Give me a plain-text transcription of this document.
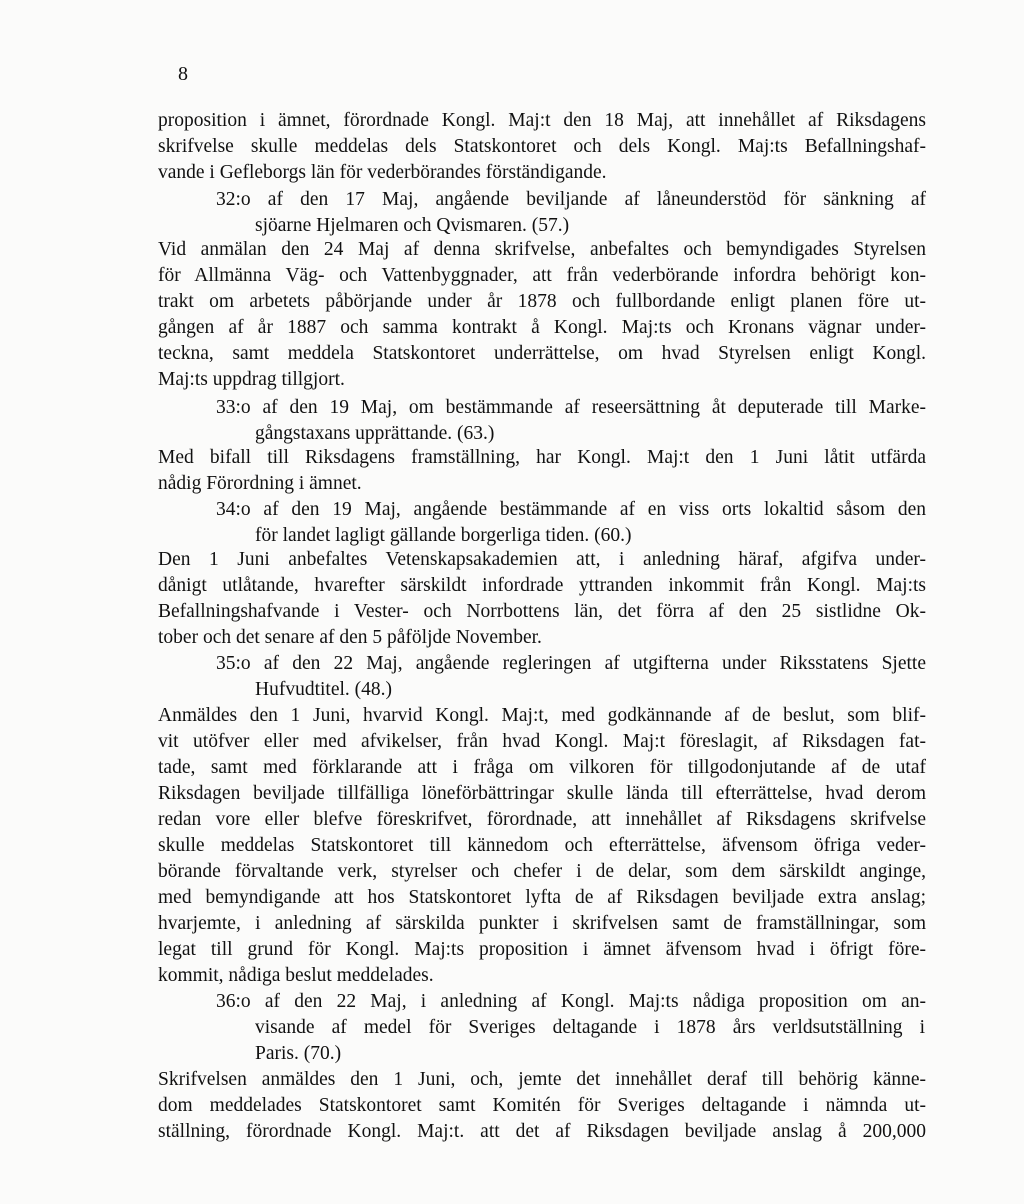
8
proposition i ämnet, förordnade Kongl. Maj:t den 18 Maj, att innehållet af Riksdagens
skrifvelse skulle meddelas dels Statskontoret och dels Kongl. Maj:ts Befallningshaf-
vande i Gefleborgs län för vederbörandes förständigande.
32:o af den 17 Maj, angående beviljande af låneunderstöd för sänkning af
sjöarne Hjelmaren och Qvismaren. (57.)
Vid anmälan den 24 Maj af denna skrifvelse, anbefaltes och bemyndigades Styrelsen
för Allmänna Väg- och Vattenbyggnader, att från vederbörande infordra behörigt kon-
trakt om arbetets påbörjande under år 1878 och fullbordande enligt planen före ut-
gången af år 1887 och samma kontrakt å Kongl. Maj:ts och Kronans vägnar under-
teckna, samt meddela Statskontoret underrättelse, om hvad Styrelsen enligt Kongl.
Maj:ts uppdrag tillgjort.
33:o af den 19 Maj, om bestämmande af reseersättning åt deputerade till Marke-
gångstaxans upprättande. (63.)
Med bifall till Riksdagens framställning, har Kongl. Maj:t den 1 Juni låtit utfärda
nådig Förordning i ämnet.
34:o af den 19 Maj, angående bestämmande af en viss orts lokaltid såsom den
för landet lagligt gällande borgerliga tiden. (60.)
Den 1 Juni anbefaltes Vetenskapsakademien att, i anledning häraf, afgifva under-
dånigt utlåtande, hvarefter särskildt infordrade yttranden inkommit från Kongl. Maj:ts
Befallningshafvande i Vester- och Norrbottens län, det förra af den 25 sistlidne Ok-
tober och det senare af den 5 påföljde November.
35:o af den 22 Maj, angående regleringen af utgifterna under Riksstatens Sjette
Hufvudtitel. (48.)
Anmäldes den 1 Juni, hvarvid Kongl. Maj:t, med godkännande af de beslut, som blif-
vit utöfver eller med afvikelser, från hvad Kongl. Maj:t föreslagit, af Riksdagen fat-
tade, samt med förklarande att i fråga om vilkoren för tillgodonjutande af de utaf
Riksdagen beviljade tillfälliga löneförbättringar skulle lända till efterrättelse, hvad derom
redan vore eller blefve föreskrifvet, förordnade, att innehållet af Riksdagens skrifvelse
skulle meddelas Statskontoret till kännedom och efterrättelse, äfvensom öfriga veder-
börande förvaltande verk, styrelser och chefer i de delar, som dem särskildt anginge,
med bemyndigande att hos Statskontoret lyfta de af Riksdagen beviljade extra anslag;
hvarjemte, i anledning af särskilda punkter i skrifvelsen samt de framställningar, som
legat till grund för Kongl. Maj:ts proposition i ämnet äfvensom hvad i öfrigt före-
kommit, nådiga beslut meddelades.
36:o af den 22 Maj, i anledning af Kongl. Maj:ts nådiga proposition om an-
visande af medel för Sveriges deltagande i 1878 års verldsutställning i
Paris. (70.)
Skrifvelsen anmäldes den 1 Juni, och, jemte det innehållet deraf till behörig känne-
dom meddelades Statskontoret samt Komitén för Sveriges deltagande i nämnda ut-
ställning, förordnade Kongl. Maj:t. att det af Riksdagen beviljade anslag å 200,000
